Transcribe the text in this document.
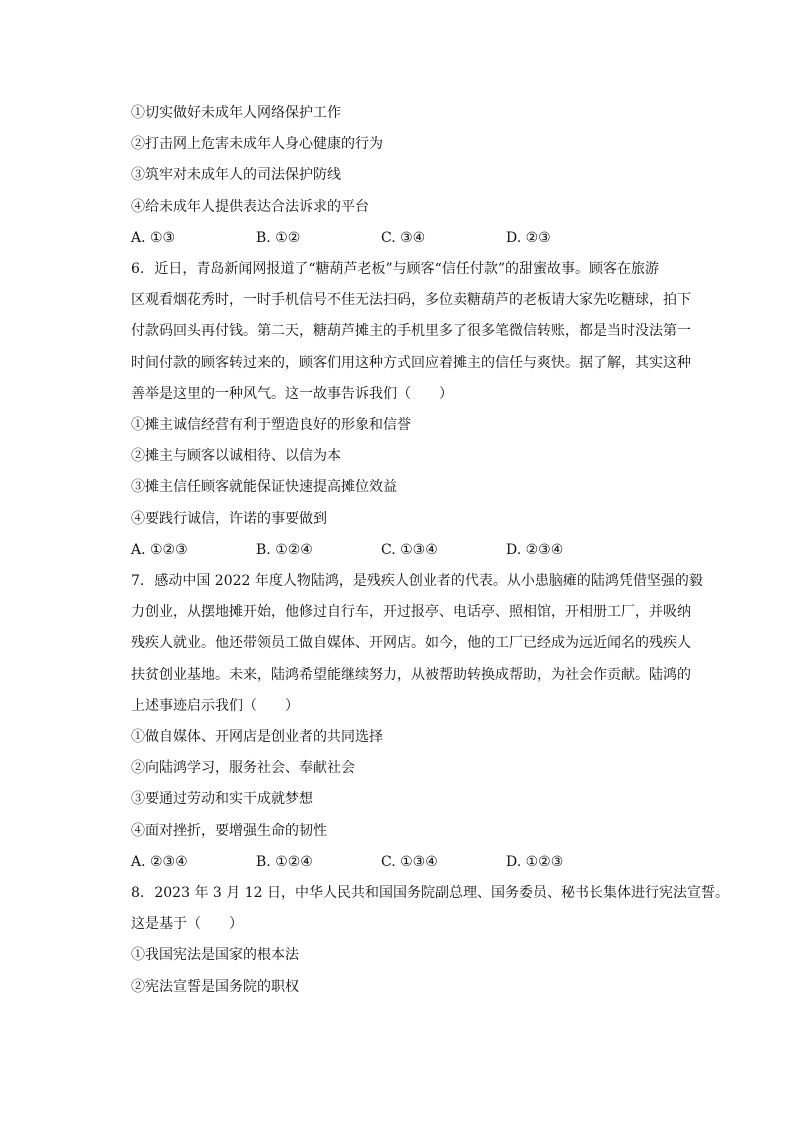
①切实做好未成年人网络保护工作
②打击网上危害未成年人身心健康的行为
③筑牢对未成年人的司法保护防线
④给未成年人提供表达合法诉求的平台
A. ①③	B. ①②	C. ③④	D. ②③
6. 近日，青岛新闻网报道了“糖葫芦老板”与顾客“信任付款”的甜蜜故事。顾客在旅游
区观看烟花秀时，一时手机信号不佳无法扫码，多位卖糖葫芦的老板请大家先吃糖球，拍下
付款码回头再付钱。第二天，糖葫芦摊主的手机里多了很多笔微信转账，都是当时没法第一
时间付款的顾客转过来的，顾客们用这种方式回应着摊主的信任与爽快。据了解，其实这种
善举是这里的一种风气。这一故事告诉我们（　　）
①摊主诚信经营有利于塑造良好的形象和信誉
②摊主与顾客以诚相待、以信为本
③摊主信任顾客就能保证快速提高摊位效益
④要践行诚信，许诺的事要做到
A. ①②③	B. ①②④	C. ①③④	D. ②③④
7. 感动中国 2022 年度人物陆鸿，是残疾人创业者的代表。从小患脑瘫的陆鸿凭借坚强的毅
力创业，从摆地摊开始，他修过自行车，开过报亭、电话亭、照相馆，开相册工厂，并吸纳
残疾人就业。他还带领员工做自媒体、开网店。如今，他的工厂已经成为远近闻名的残疾人
扶贫创业基地。未来，陆鸿希望能继续努力，从被帮助转换成帮助，为社会作贡献。陆鸿的
上述事迹启示我们（　　）
①做自媒体、开网店是创业者的共同选择
②向陆鸿学习，服务社会、奉献社会
③要通过劳动和实干成就梦想
④面对挫折，要增强生命的韧性
A. ②③④	B. ①②④	C. ①③④	D. ①②③
8. 2023 年 3 月 12 日，中华人民共和国国务院副总理、国务委员、秘书长集体进行宪法宣誓。
这是基于（　　）
①我国宪法是国家的根本法
②宪法宣誓是国务院的职权
